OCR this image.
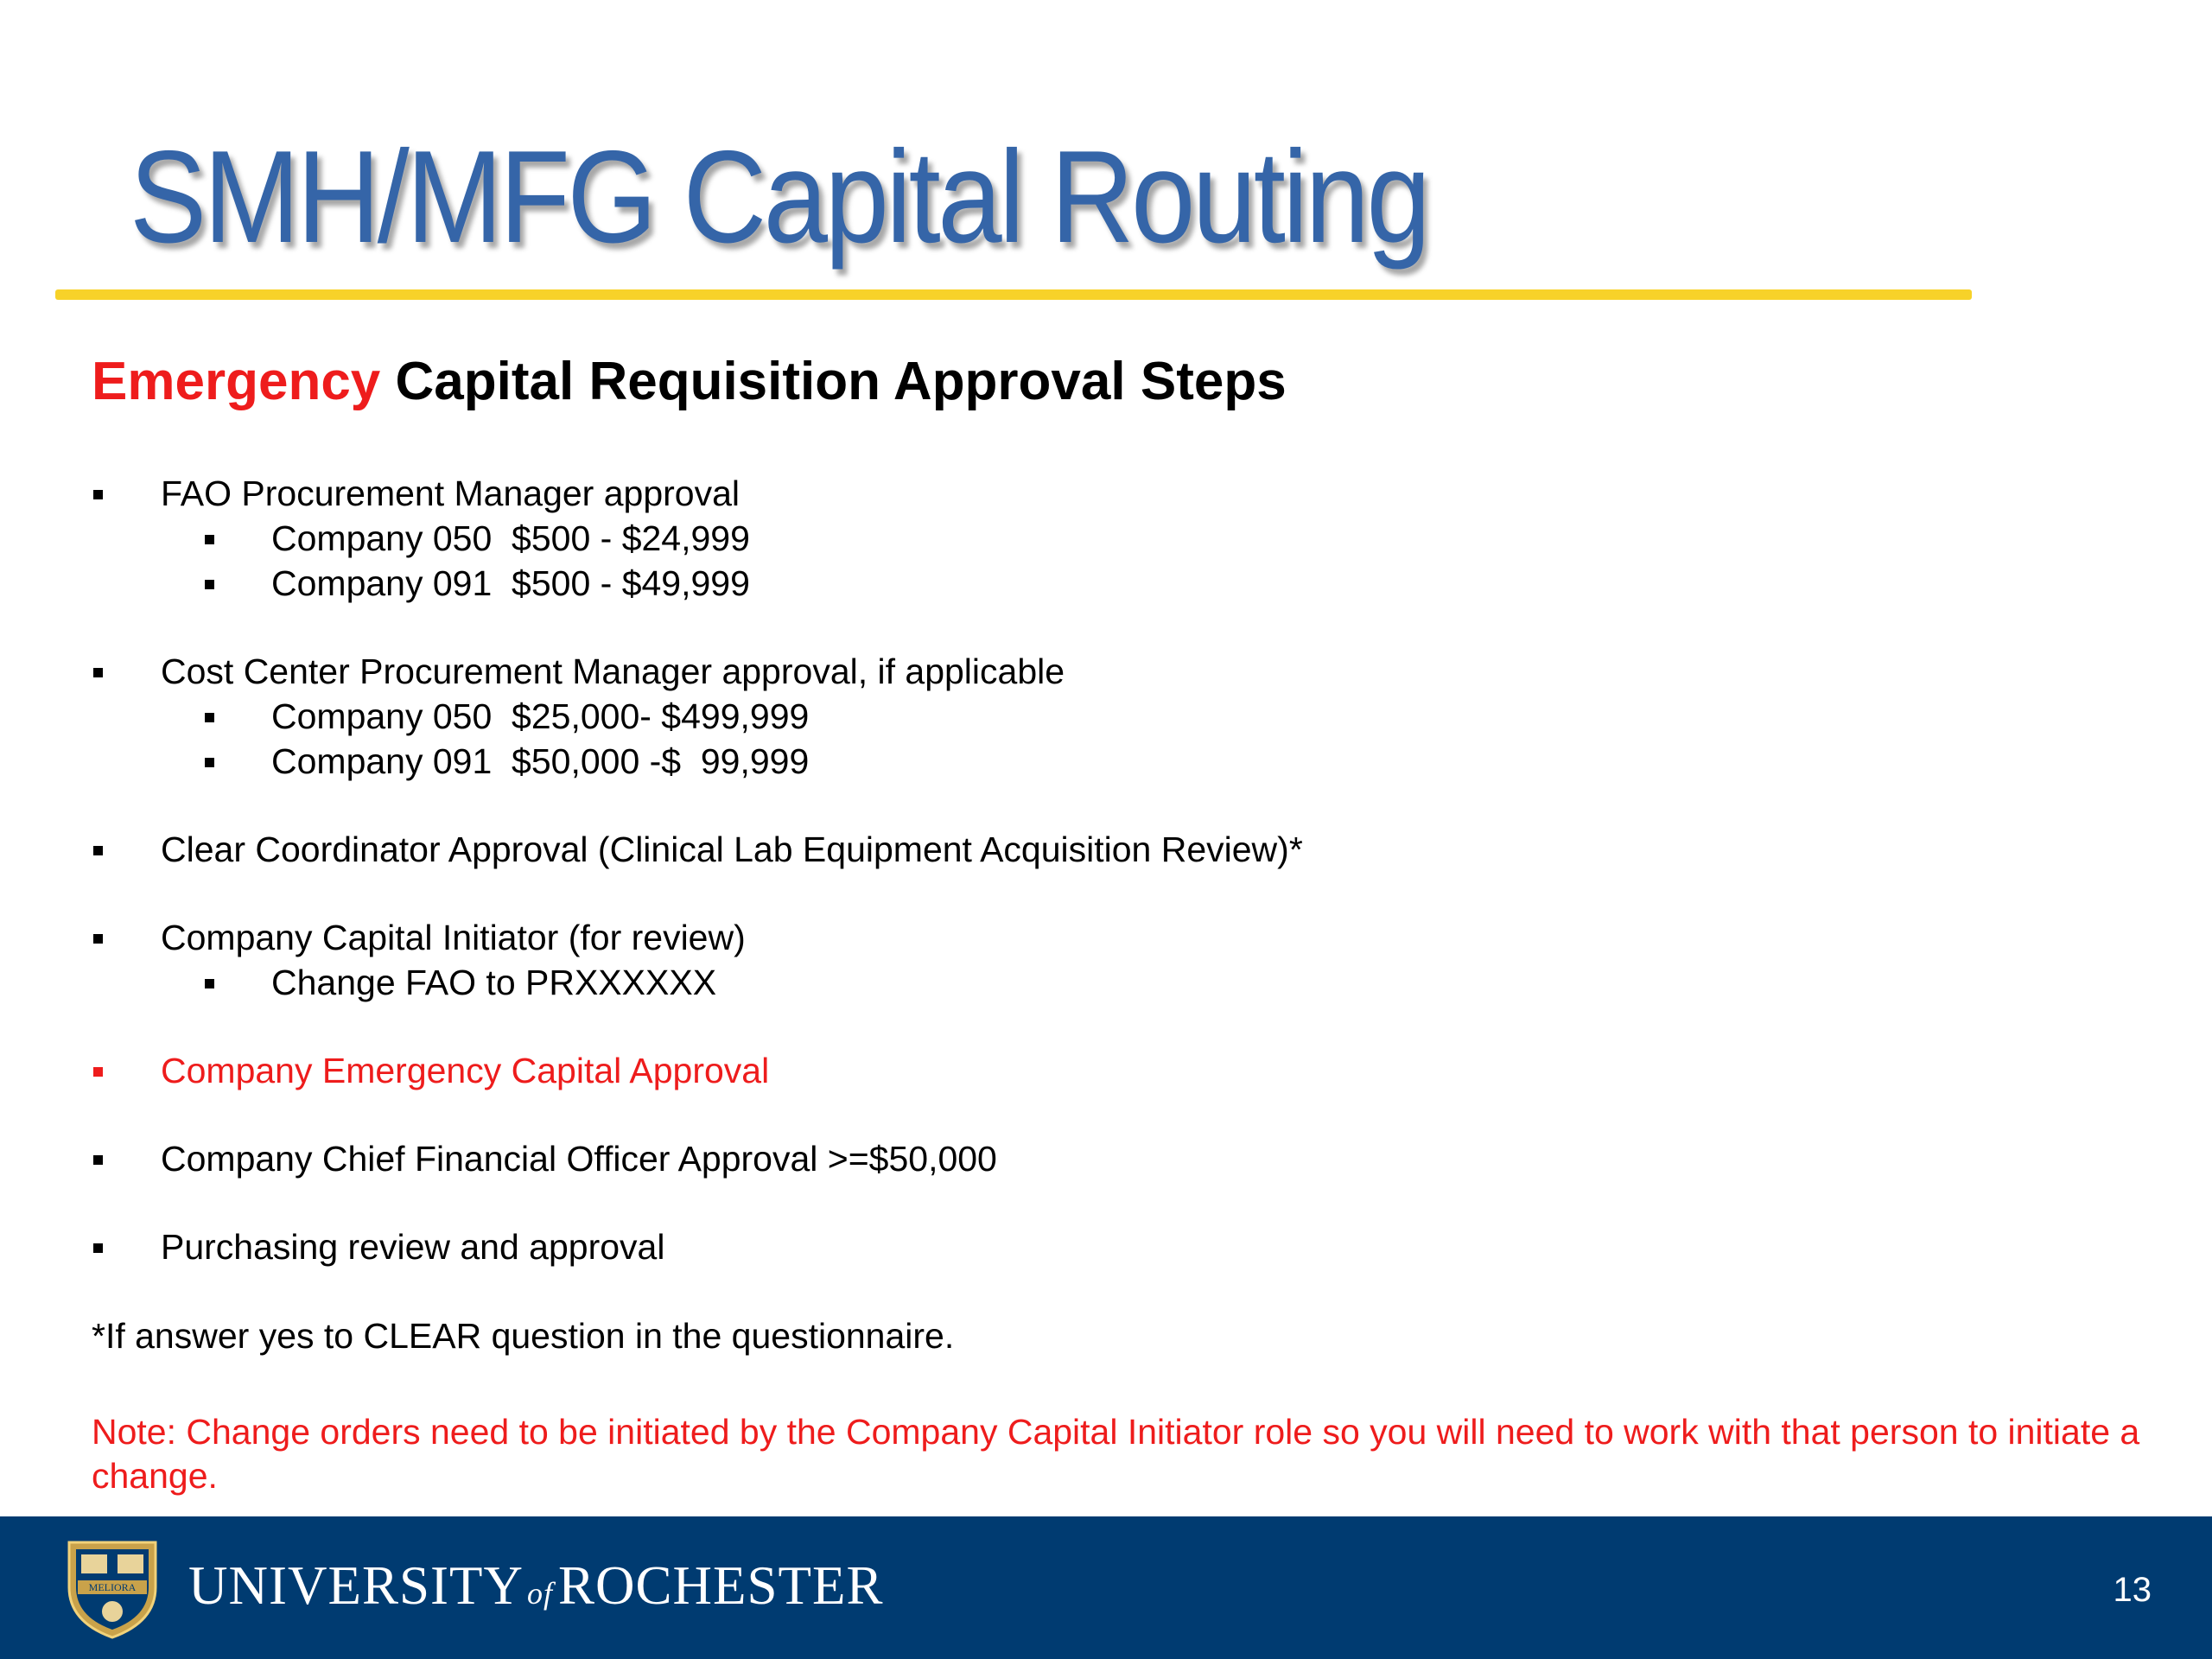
SMH/MFG Capital Routing
Emergency Capital Requisition Approval Steps
FAO Procurement Manager approval
Company 050  $500 - $24,999
Company 091  $500 - $49,999
Cost Center Procurement Manager approval, if applicable
Company 050  $25,000- $499,999
Company 091  $50,000 -$  99,999
Clear Coordinator Approval (Clinical Lab Equipment Acquisition Review)*
Company Capital Initiator (for review)
Change FAO to PRXXXXXX
Company Emergency Capital Approval
Company Chief Financial Officer Approval >=$50,000
Purchasing review and approval
*If answer yes to CLEAR question in the questionnaire.
Note: Change orders need to be initiated by the Company Capital Initiator role so you will need to work with that person to initiate a change.
MELIORA UNIVERSITY ofROCHESTER	13
